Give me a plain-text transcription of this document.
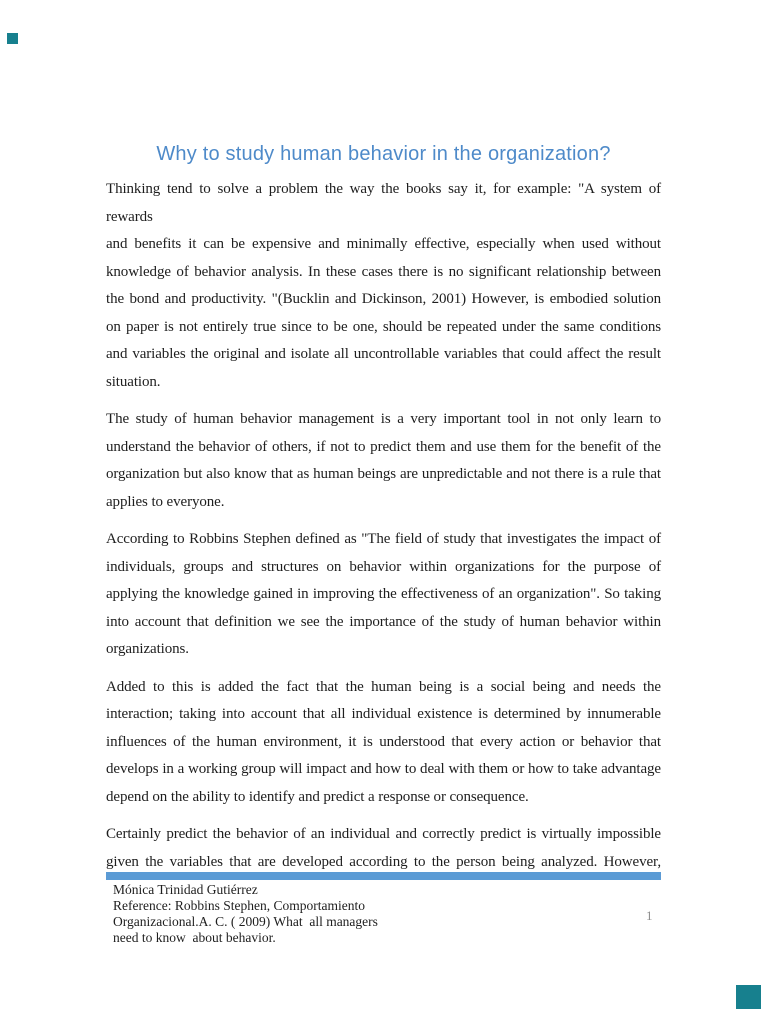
Why to study human behavior in the organization?
Thinking tend to solve a problem the way the books say it, for example: "A system of rewards
and benefits it can be expensive and minimally effective, especially when used without
knowledge of behavior analysis. In these cases there is no significant relationship between
the bond and productivity. "(Bucklin and Dickinson, 2001) However, is embodied solution
on paper is not entirely true since to be one, should be repeated under the same conditions
and variables the original and isolate all uncontrollable variables that could affect the result
situation.
The study of human behavior management is a very important tool in not only learn to
understand the behavior of others, if not to predict them and use them for the benefit of the
organization but also know that as human beings are unpredictable and not there is a rule that
applies to everyone.
According to Robbins Stephen defined as "The field of study that investigates the impact of
individuals, groups and structures on behavior within organizations for the purpose of
applying the knowledge gained in improving the effectiveness of an organization". So taking
into account that definition we see the importance of the study of human behavior within
organizations.
Added to this is added the fact that the human being is a social being and needs the
interaction; taking into account that all individual existence is determined by innumerable
influences of the human environment, it is understood that every action or behavior that
develops in a working group will impact and how to deal with them or how to take advantage
depend on the ability to identify and predict a response or consequence.
Certainly predict the behavior of an individual and correctly predict is virtually impossible
given the variables that are developed according to the person being analyzed. However,
Mónica Trinidad Gutiérrez
Reference: Robbins Stephen, Comportamiento
Organizacional.A. C. ( 2009) What  all managers
need to know  about behavior.
1
